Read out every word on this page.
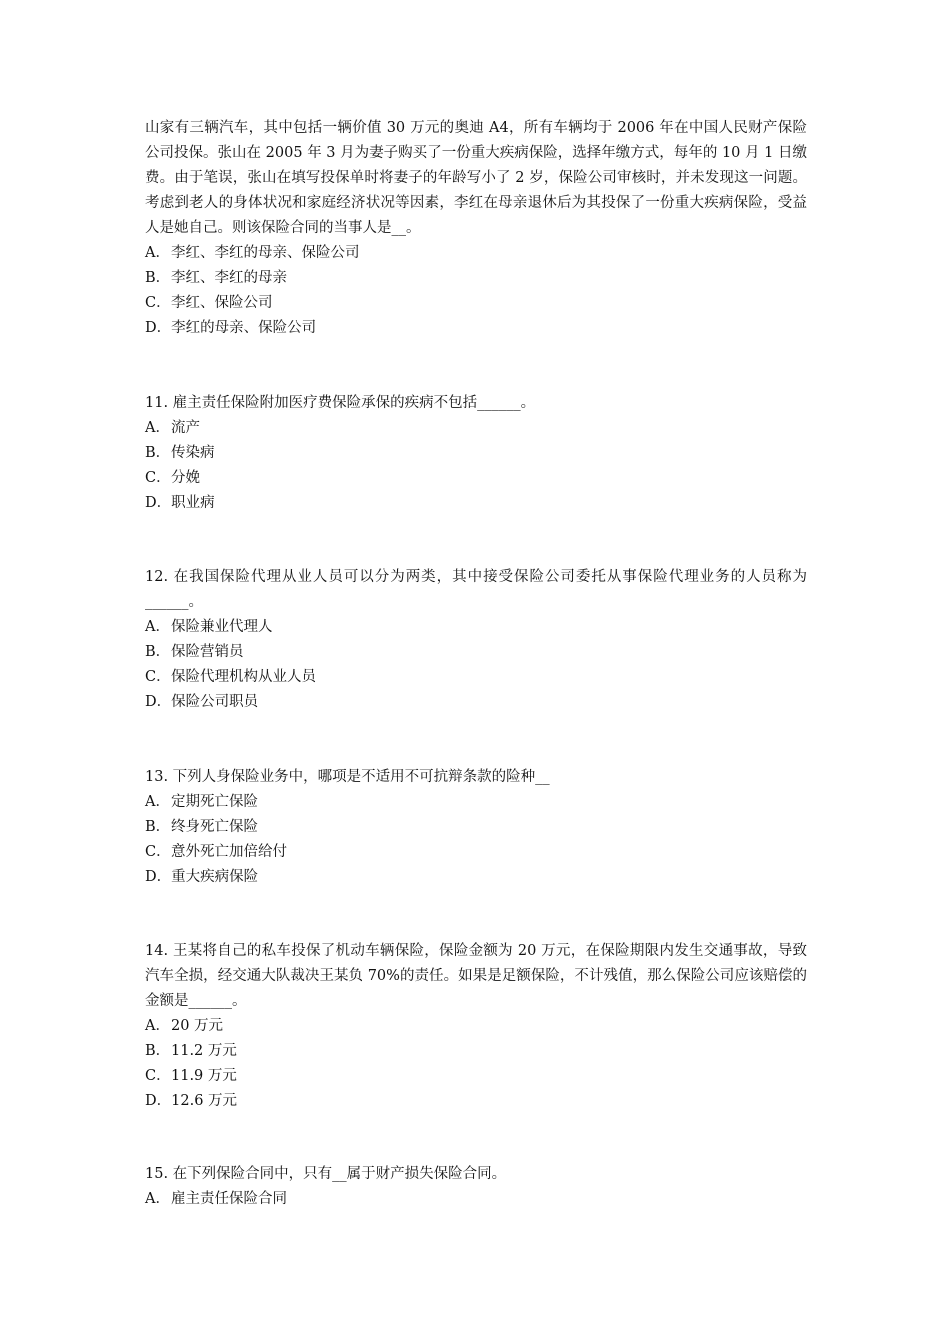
山家有三辆汽车，其中包括一辆价值 30 万元的奥迪 A4，所有车辆均于 2006 年在中国人民财产保险公司投保。张山在 2005 年 3 月为妻子购买了一份重大疾病保险，选择年缴方式，每年的 10 月 1 日缴费。由于笔误，张山在填写投保单时将妻子的年龄写小了 2 岁，保险公司审核时，并未发现这一问题。考虑到老人的身体状况和家庭经济状况等因素，李红在母亲退休后为其投保了一份重大疾病保险，受益人是她自己。则该保险合同的当事人是__。

A．李红、李红的母亲、保险公司
B．李红、李红的母亲
C．李红、保险公司
D．李红的母亲、保险公司

11. 雇主责任保险附加医疗费保险承保的疾病不包括______。

A．流产
B．传染病
C．分娩
D．职业病

12. 在我国保险代理从业人员可以分为两类，其中接受保险公司委托从事保险代理业务的人员称为______。

A．保险兼业代理人
B．保险营销员
C．保险代理机构从业人员
D．保险公司职员

13. 下列人身保险业务中，哪项是不适用不可抗辩条款的险种__

A．定期死亡保险
B．终身死亡保险
C．意外死亡加倍给付
D．重大疾病保险

14. 王某将自己的私车投保了机动车辆保险，保险金额为 20 万元，在保险期限内发生交通事故，导致汽车全损，经交通大队裁决王某负 70%的责任。如果是足额保险，不计残值，那么保险公司应该赔偿的金额是______。

A．20 万元
B．11.2 万元
C．11.9 万元
D．12.6 万元

15. 在下列保险合同中，只有__属于财产损失保险合同。

A．雇主责任保险合同
